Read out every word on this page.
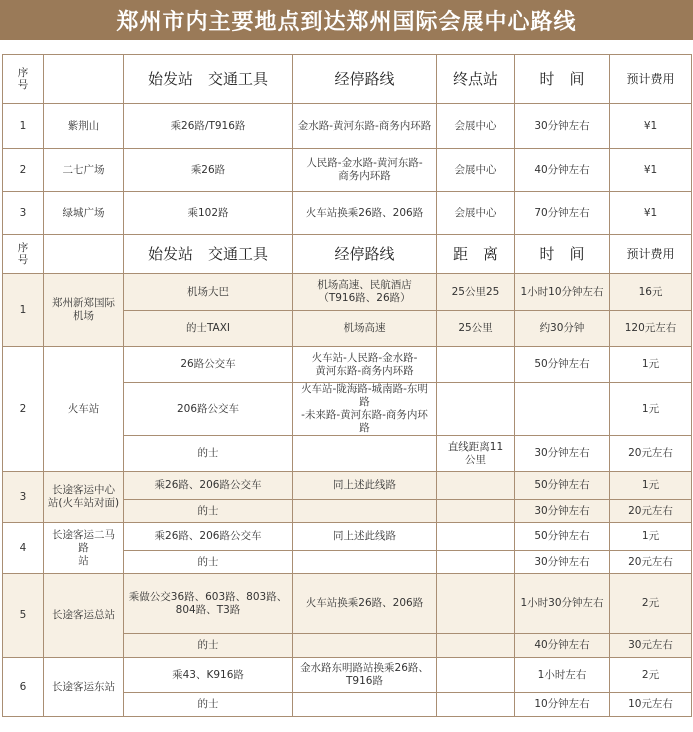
郑州市内主要地点到达郑州国际会展中心路线
序
号		始发站　交通工具	经停路线	终点站	时　间	预计费用
1	紫荆山	乘26路/T916路	金水路-黄河东路-商务内环路	会展中心	30分钟左右	¥1
2	二七广场	乘26路	人民路-金水路-黄河东路-
商务内环路	会展中心	40分钟左右	¥1
3	绿城广场	乘102路	火车站换乘26路、206路	会展中心	70分钟左右	¥1
序
号		始发站　交通工具	经停路线	距　离	时　间	预计费用
1	郑州新郑国际
机场	机场大巴	机场高速、民航酒店
（T916路、26路）	25公里25	1小时10分钟左右	16元
		的士TAXI	机场高速	25公里	约30分钟	120元左右
2	火车站	26路公交车	火车站-人民路-金水路-
黄河东路-商务内环路		50分钟左右	1元
		206路公交车	火车站-陇海路-城南路-东明路
-未来路-黄河东路-商务内环路			1元
		的士		直线距离11
公里	30分钟左右	20元左右
3	长途客运中心
站(火车站对面)	乘26路、206路公交车	同上述此线路		50分钟左右	1元
		的士			30分钟左右	20元左右
4	长途客运二马路
站	乘26路、206路公交车	同上述此线路		50分钟左右	1元
		的士			30分钟左右	20元左右
5	长途客运总站	乘做公交36路、603路、803路、
804路、T3路	火车站换乘26路、206路		1小时30分钟左右	2元
		的士			40分钟左右	30元左右
6	长途客运东站	乘43、K916路	金水路东明路站换乘26路、
T916路		1小时左右	2元
		的士			10分钟左右	10元左右
